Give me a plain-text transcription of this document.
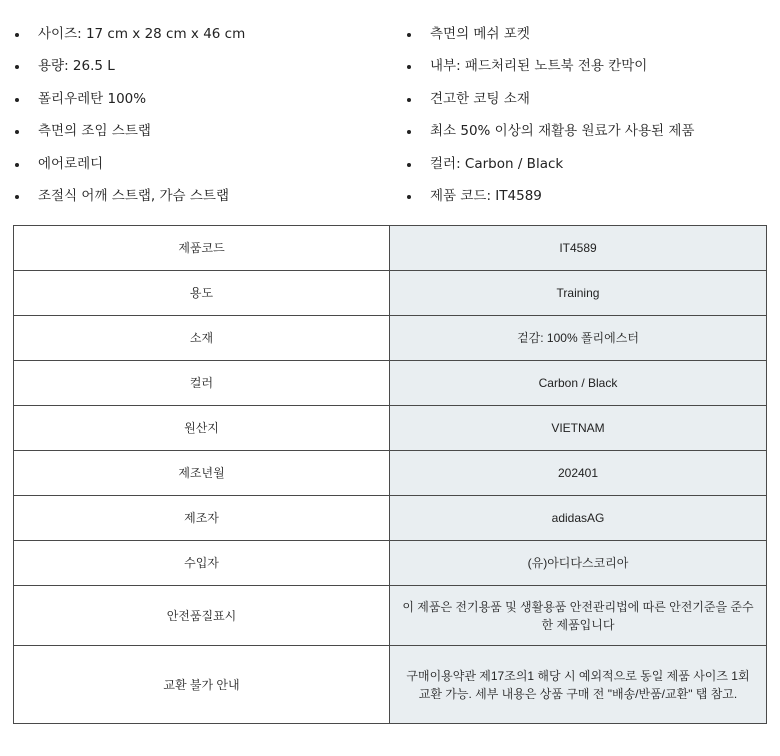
사이즈: 17 cm x 28 cm x 46 cm
용량: 26.5 L
폴리우레탄 100%
측면의 조임 스트랩
에어로레디
조절식 어깨 스트랩, 가슴 스트랩
측면의 메쉬 포켓
내부: 패드처리된 노트북 전용 칸막이
견고한 코팅 소재
최소 50% 이상의 재활용 원료가 사용된 제품
컬러: Carbon / Black
제품 코드: IT4589
제품코드	IT4589
용도	Training
소재	겉감: 100% 폴리에스터
컬러	Carbon / Black
원산지	VIETNAM
제조년월	202401
제조자	adidasAG
수입자	(유)아디다스코리아
안전품질표시	이 제품은 전기용품 및 생활용품 안전관리법에 따른 안전기준을 준수한 제품입니다
교환 불가 안내	구매이용약관 제17조의1 해당 시 예외적으로 동일 제품 사이즈 1회 교환 가능. 세부 내용은 상품 구매 전 "배송/반품/교환" 탭 참고.
